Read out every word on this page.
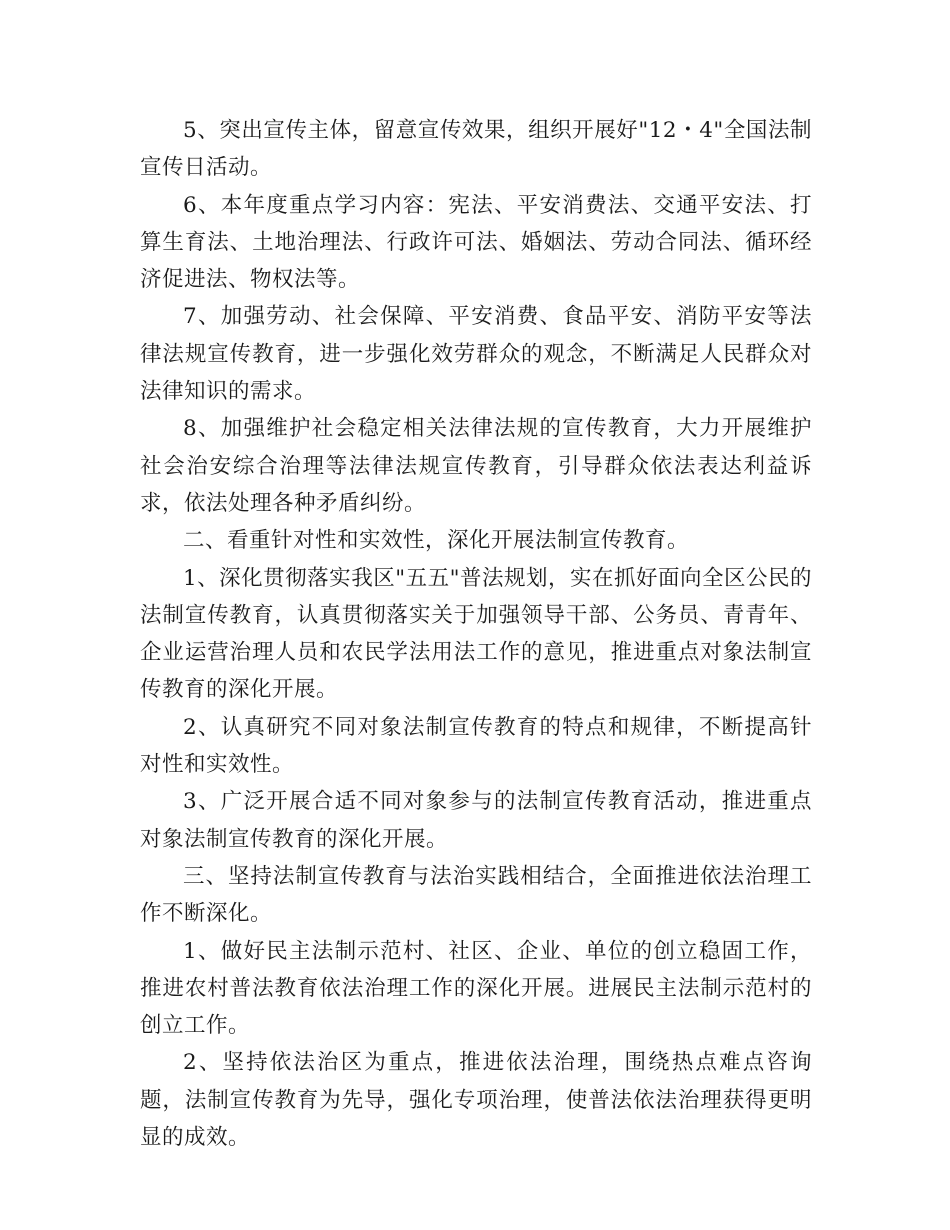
5、突出宣传主体，留意宣传效果，组织开展好"12・4"全国法制宣传日活动。

6、本年度重点学习内容：宪法、平安消费法、交通平安法、打算生育法、土地治理法、行政许可法、婚姻法、劳动合同法、循环经济促进法、物权法等。

7、加强劳动、社会保障、平安消费、食品平安、消防平安等法律法规宣传教育，进一步强化效劳群众的观念，不断满足人民群众对法律知识的需求。

8、加强维护社会稳定相关法律法规的宣传教育，大力开展维护社会治安综合治理等法律法规宣传教育，引导群众依法表达利益诉求，依法处理各种矛盾纠纷。

二、看重针对性和实效性，深化开展法制宣传教育。

1、深化贯彻落实我区"五五"普法规划，实在抓好面向全区公民的法制宣传教育，认真贯彻落实关于加强领导干部、公务员、青青年、企业运营治理人员和农民学法用法工作的意见，推进重点对象法制宣传教育的深化开展。

2、认真研究不同对象法制宣传教育的特点和规律，不断提高针对性和实效性。

3、广泛开展合适不同对象参与的法制宣传教育活动，推进重点对象法制宣传教育的深化开展。

三、坚持法制宣传教育与法治实践相结合，全面推进依法治理工作不断深化。

1、做好民主法制示范村、社区、企业、单位的创立稳固工作，推进农村普法教育依法治理工作的深化开展。进展民主法制示范村的创立工作。

2、坚持依法治区为重点，推进依法治理，围绕热点难点咨询题，法制宣传教育为先导，强化专项治理，使普法依法治理获得更明显的成效。
